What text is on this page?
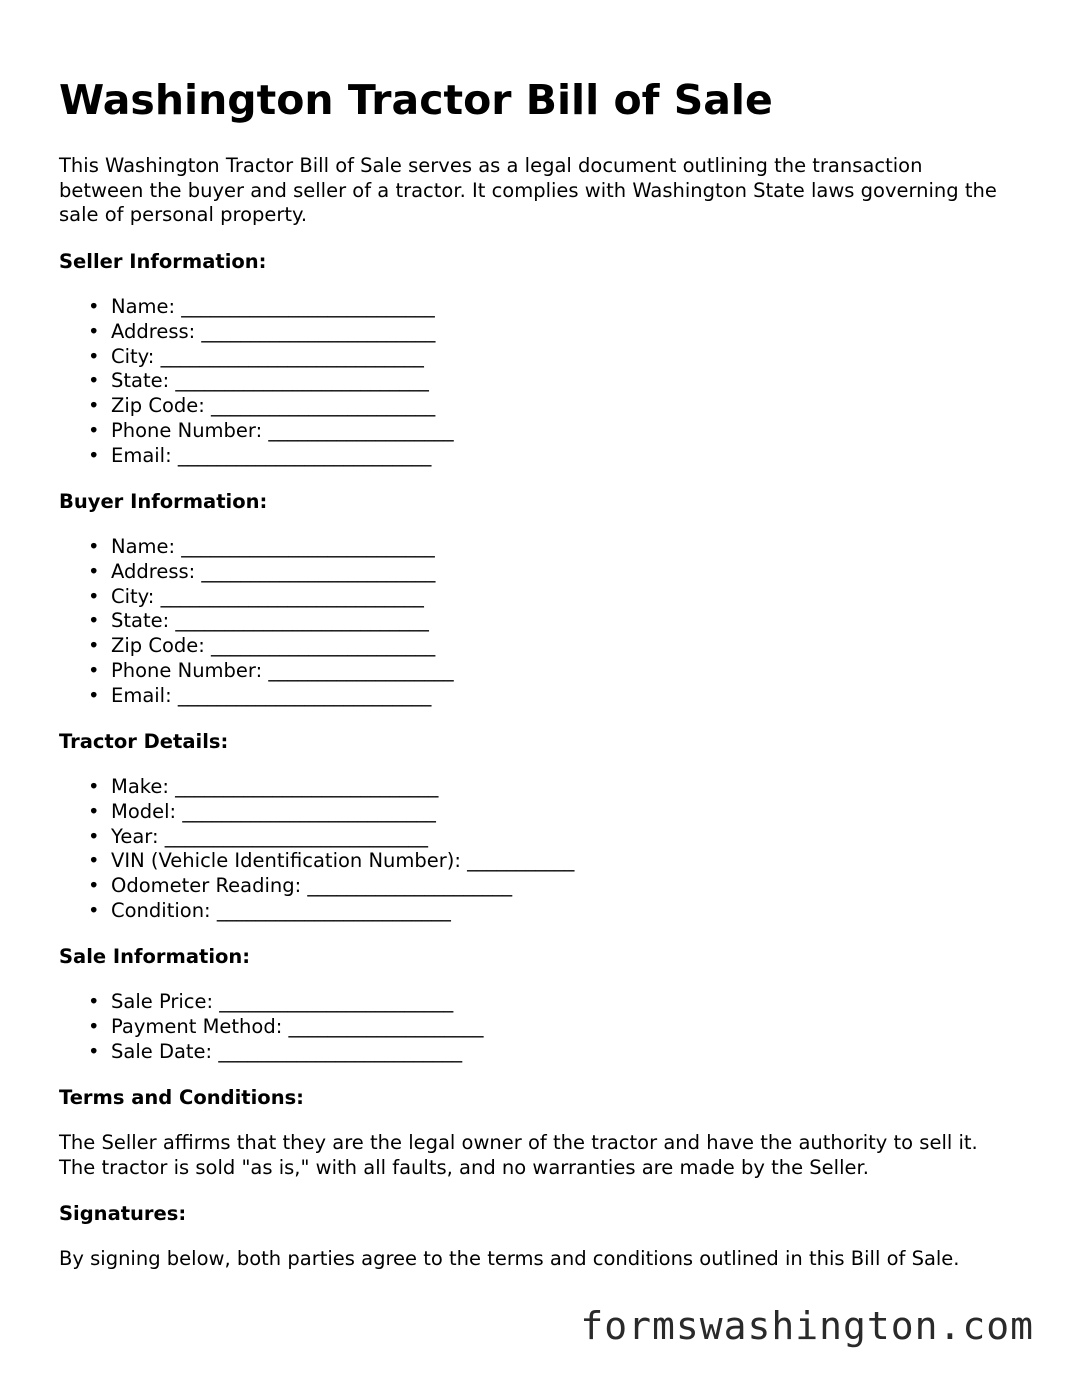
Washington Tractor Bill of Sale

This Washington Tractor Bill of Sale serves as a legal document outlining the transaction between the buyer and seller of a tractor. It complies with Washington State laws governing the sale of personal property.

Seller Information:
• Name: __________________________
• Address: ________________________
• City: ___________________________
• State: __________________________
• Zip Code: _______________________
• Phone Number: ___________________
• Email: __________________________
Buyer Information:
• Name: __________________________
• Address: ________________________
• City: ___________________________
• State: __________________________
• Zip Code: _______________________
• Phone Number: ___________________
• Email: __________________________
Tractor Details:
• Make: ___________________________
• Model: __________________________
• Year: ___________________________
• VIN (Vehicle Identification Number): ___________
• Odometer Reading: _____________________
• Condition: ________________________
Sale Information:
• Sale Price: ________________________
• Payment Method: ____________________
• Sale Date: _________________________
Terms and Conditions:

The Seller affirms that they are the legal owner of the tractor and have the authority to sell it. The tractor is sold "as is," with all faults, and no warranties are made by the Seller.

Signatures:

By signing below, both parties agree to the terms and conditions outlined in this Bill of Sale.

formswashington.com
